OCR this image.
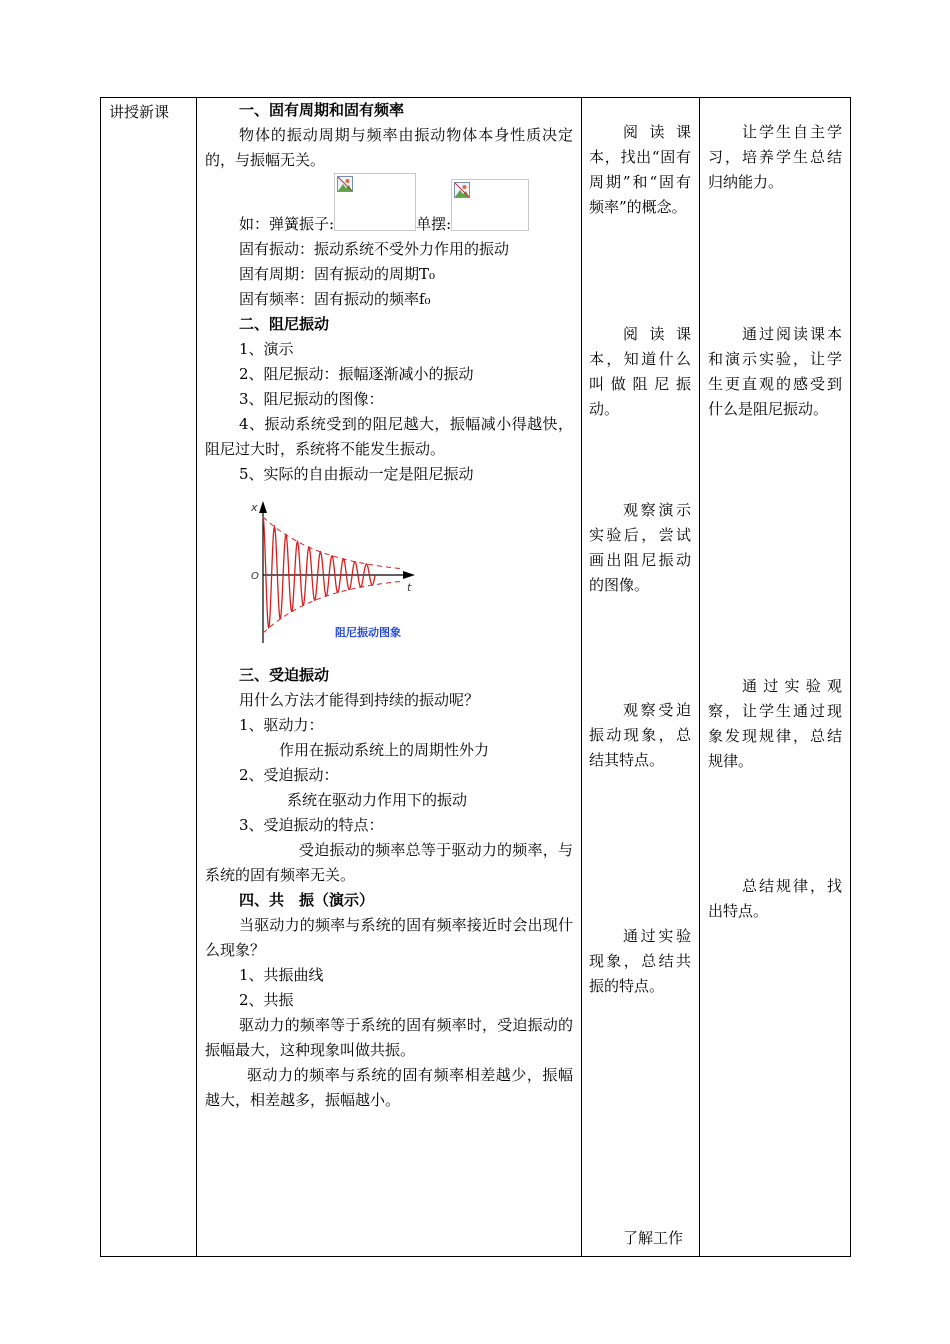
讲授新课	一、固有周期和固有频率
物体的振动周期与频率由振动物体本身性质决定的，与振幅无关。
如：弹簧振子:	单摆:
固有振动：振动系统不受外力作用的振动
固有周期：固有振动的周期T₀
固有频率：固有振动的频率f₀
二、阻尼振动
1、演示
2、阻尼振动：振幅逐渐减小的振动
3、阻尼振动的图像：
4、振动系统受到的阻尼越大，振幅减小得越快，阻尼过大时，系统将不能发生振动。
5、实际的自由振动一定是阻尼振动
x
t
O
阻尼振动图象
三、受迫振动
用什么方法才能得到持续的振动呢？
1、驱动力：
作用在振动系统上的周期性外力
2、受迫振动：
系统在驱动力作用下的振动
3、受迫振动的特点：
受迫振动的频率总等于驱动力的频率，与系统的固有频率无关。
四、共　振（演示）
当驱动力的频率与系统的固有频率接近时会出现什么现象？
1、共振曲线
2、共振
驱动力的频率等于系统的固有频率时，受迫振动的振幅最大，这种现象叫做共振。
驱动力的频率与系统的固有频率相差越少，振幅越大，相差越多，振幅越小。
阅读课本，找出“固有周期”和“固有频率”的概念。
阅读课本，知道什么叫做阻尼振动。
观察演示实验后，尝试画出阻尼振动的图像。
观察受迫振动现象，总结其特点。
通过实验现象，总结共振的特点。
了解工作
让学生自主学习，培养学生总结归纳能力。
通过阅读课本和演示实验，让学生更直观的感受到什么是阻尼振动。
通过实验观察，让学生通过现象发现规律，总结规律。
总结规律，找出特点。
